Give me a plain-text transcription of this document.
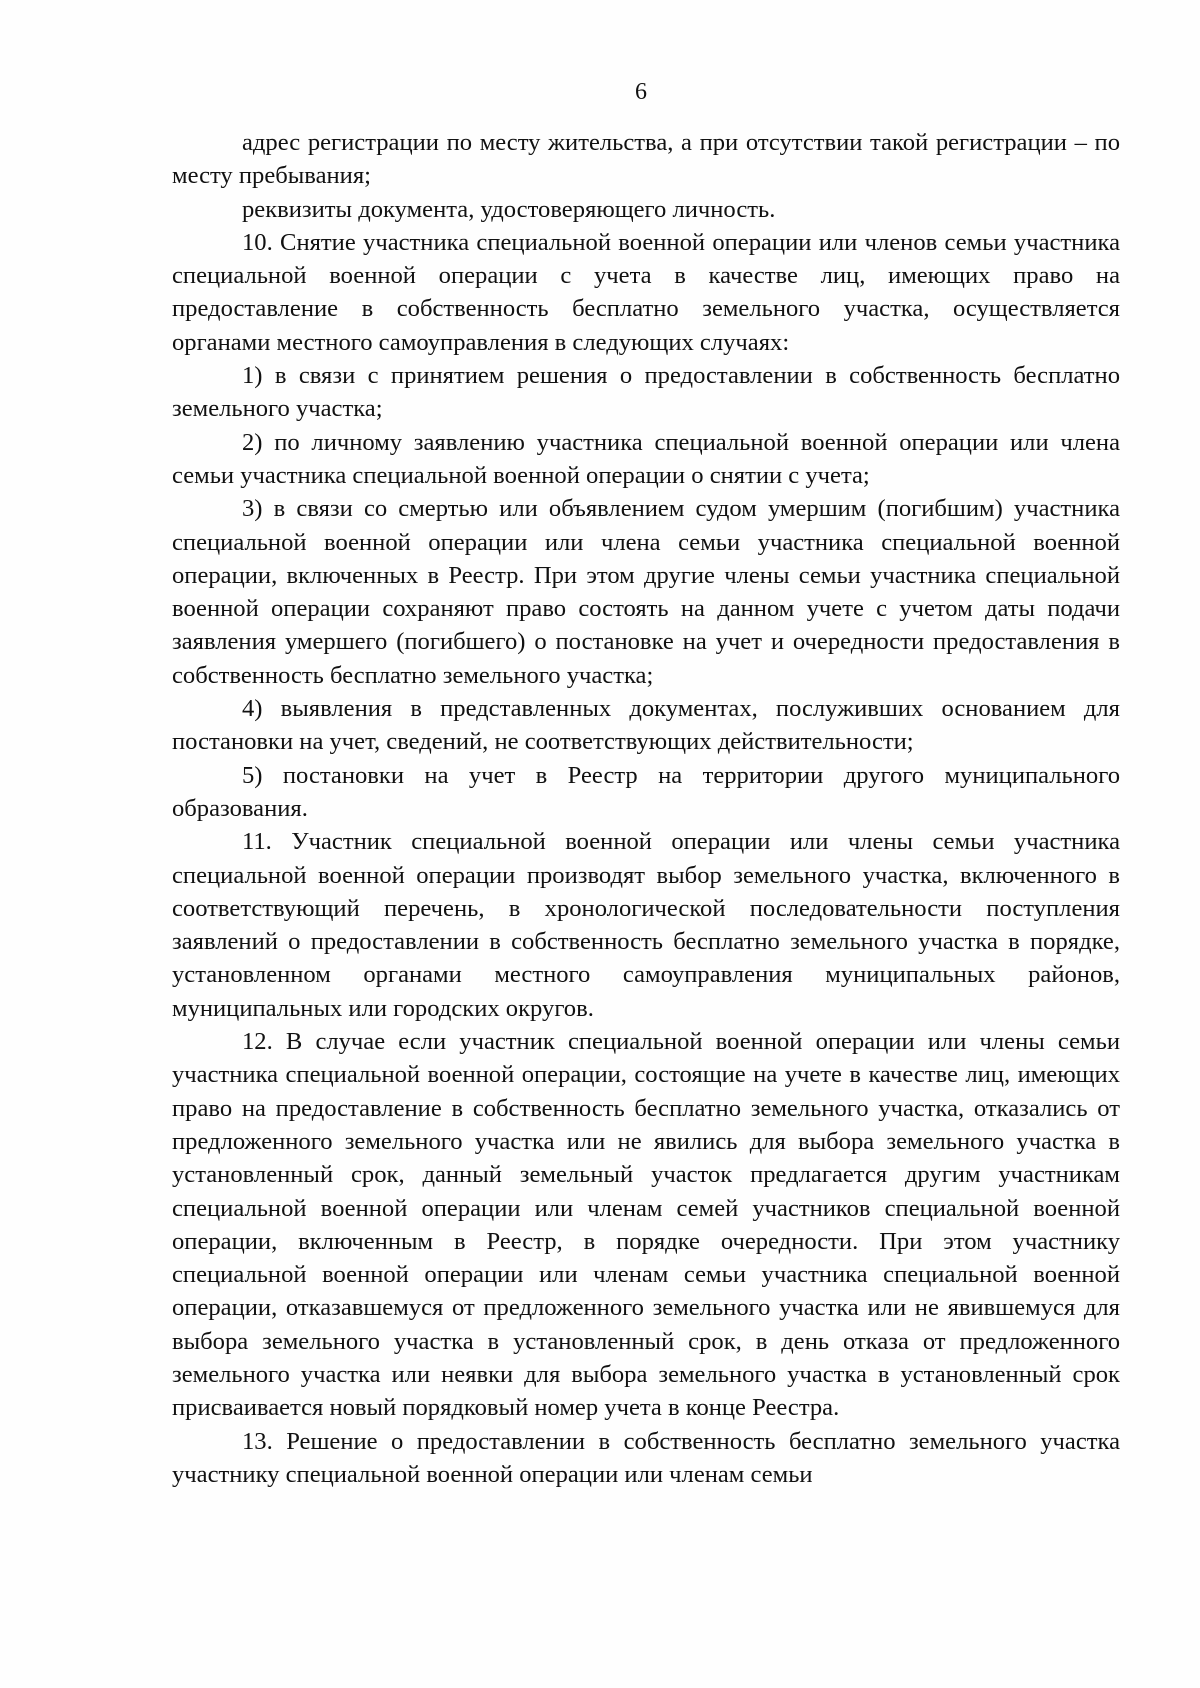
6

адрес регистрации по месту жительства, а при отсутствии такой регистрации – по месту пребывания;

реквизиты документа, удостоверяющего личность.

10. Снятие участника специальной военной операции или членов семьи участника специальной военной операции с учета в качестве лиц, имеющих право на предоставление в собственность бесплатно земельного участка, осуществляется органами местного самоуправления в следующих случаях:

1) в связи с принятием решения о предоставлении в собственность бесплатно земельного участка;

2) по личному заявлению участника специальной военной операции или члена семьи участника специальной военной операции о снятии с учета;

3) в связи со смертью или объявлением судом умершим (погибшим) участника специальной военной операции или члена семьи участника специальной военной операции, включенных в Реестр. При этом другие члены семьи участника специальной военной операции сохраняют право состоять на данном учете с учетом даты подачи заявления умершего (погибшего) о постановке на учет и очередности предоставления в собственность бесплатно земельного участка;

4) выявления в представленных документах, послуживших основанием для постановки на учет, сведений, не соответствующих действительности;

5) постановки на учет в Реестр на территории другого муниципального образования.

11. Участник специальной военной операции или члены семьи участника специальной военной операции производят выбор земельного участка, включенного в соответствующий перечень, в хронологической последовательности поступления заявлений о предоставлении в собственность бесплатно земельного участка в порядке, установленном органами местного самоуправления муниципальных районов, муниципальных или городских округов.

12. В случае если участник специальной военной операции или члены семьи участника специальной военной операции, состоящие на учете в качестве лиц, имеющих право на предоставление в собственность бесплатно земельного участка, отказались от предложенного земельного участка или не явились для выбора земельного участка в установленный срок, данный земельный участок предлагается другим участникам специальной военной операции или членам семей участников специальной военной операции, включенным в Реестр, в порядке очередности. При этом участнику специальной военной операции или членам семьи участника специальной военной операции, отказавшемуся от предложенного земельного участка или не явившемуся для выбора земельного участка в установленный срок, в день отказа от предложенного земельного участка или неявки для выбора земельного участка в установленный срок присваивается новый порядковый номер учета в конце Реестра.

13. Решение о предоставлении в собственность бесплатно земельного участка участнику специальной военной операции или членам семьи
